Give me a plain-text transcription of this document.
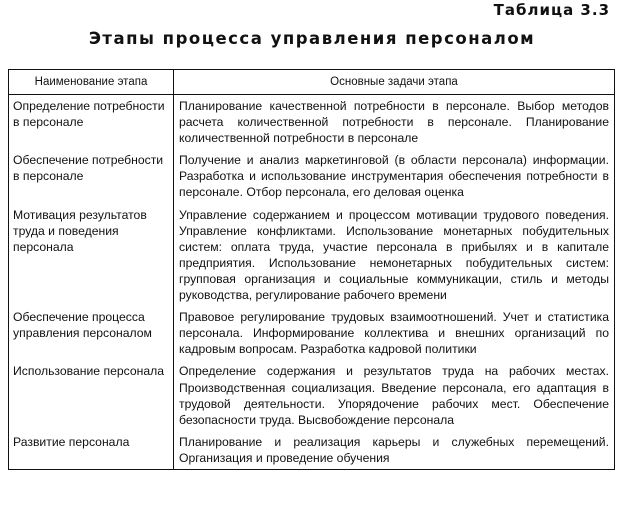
Таблица 3.3
Этапы процесса управления персоналом
Наименование этапа	Основные задачи этапа
Определение потребности в персонале	Планирование качественной потребности в персонале. Выбор методов расчета количественной потребности в персонале. Планирование количественной потребности в персонале
Обеспечение потребности в персонале	Получение и анализ маркетинговой (в области персонала) информации. Разработка и использование инструментария обеспечения потребности в персонале. Отбор персонала, его деловая оценка
Мотивация результатов труда и поведения персонала	Управление содержанием и процессом мотивации трудового поведения. Управление конфликтами. Использование монетарных побудительных систем: оплата труда, участие персонала в прибылях и в капитале предприятия. Использование немонетарных побудительных систем: групповая организация и социальные коммуникации, стиль и методы руководства, регулирование рабочего времени
Обеспечение процесса управления персоналом	Правовое регулирование трудовых взаимоотношений. Учет и статистика персонала. Информирование коллектива и внешних организаций по кадровым вопросам. Разработка кадровой политики
Использование персонала	Определение содержания и результатов труда на рабочих местах. Производственная социализация. Введение персонала, его адаптация в трудовой деятельности. Упорядочение рабочих мест. Обеспечение безопасности труда. Высвобождение персонала
Развитие персонала	Планирование и реализация карьеры и служебных перемещений. Организация и проведение обучения
